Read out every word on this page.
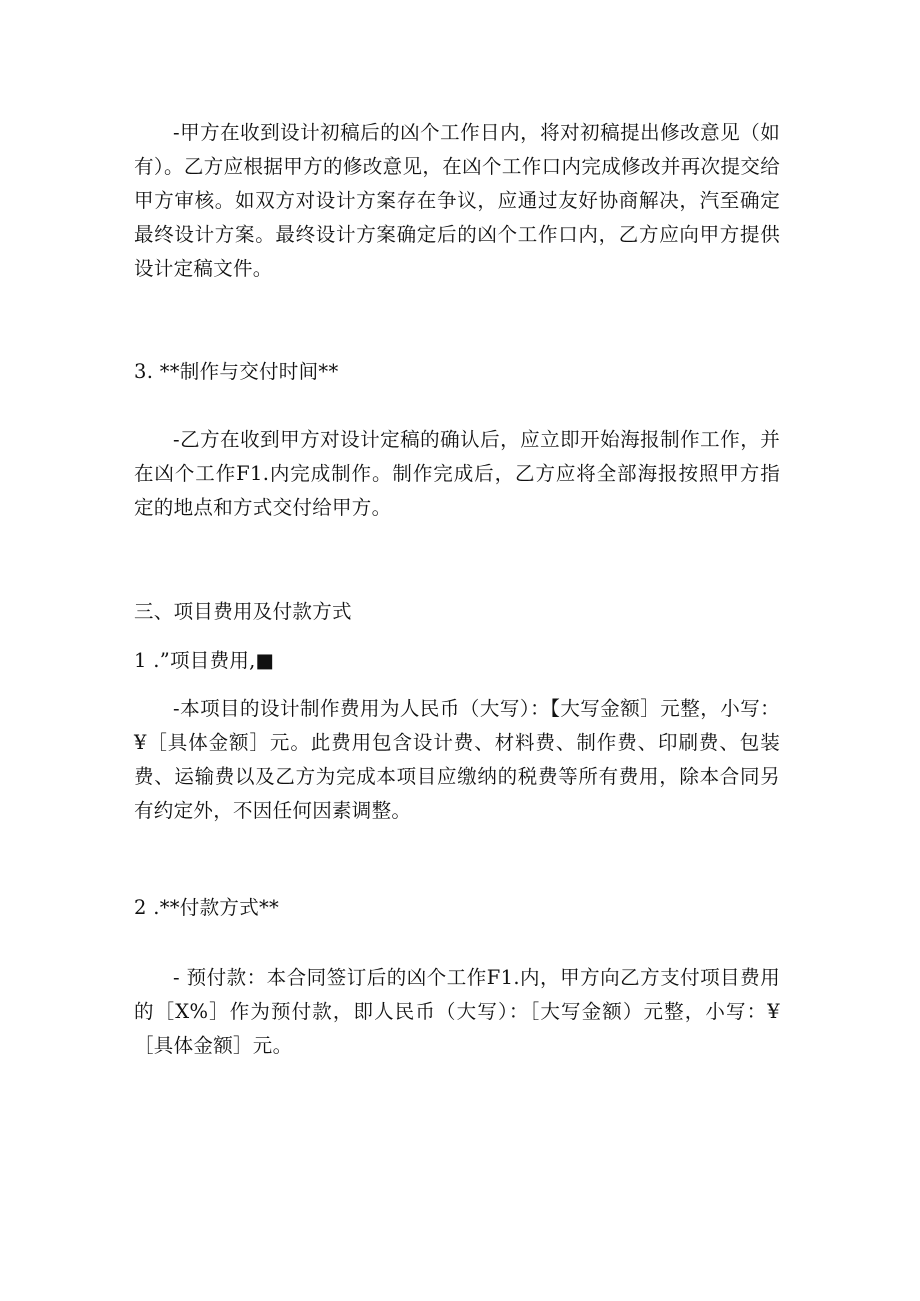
-甲方在收到设计初稿后的凶个工作日内，将对初稿提出修改意见（如有）。乙方应根据甲方的修改意见，在凶个工作口内完成修改并再次提交给甲方审核。如双方对设计方案存在争议，应通过友好协商解决，汽至确定最终设计方案。最终设计方案确定后的凶个工作口内，乙方应向甲方提供设计定稿文件。

3. **制作与交付时间**

-乙方在收到甲方对设计定稿的确认后，应立即开始海报制作工作，并在凶个工作F1.内完成制作。制作完成后，乙方应将全部海报按照甲方指定的地点和方式交付给甲方。

三、项目费用及付款方式

1 .”项目费用,■

-本项目的设计制作费用为人民币（大写）：【大写金额］元整，小写：¥［具体金额］元。此费用包含设计费、材料费、制作费、印刷费、包装费、运输费以及乙方为完成本项目应缴纳的税费等所有费用，除本合同另有约定外，不因任何因素调整。

2 .**付款方式**

- 预付款：本合同签订后的凶个工作F1.内，甲方向乙方支付项目费用的［X%］作为预付款，即人民币（大写）：［大写金额）元整，小写：¥［具体金额］元。
